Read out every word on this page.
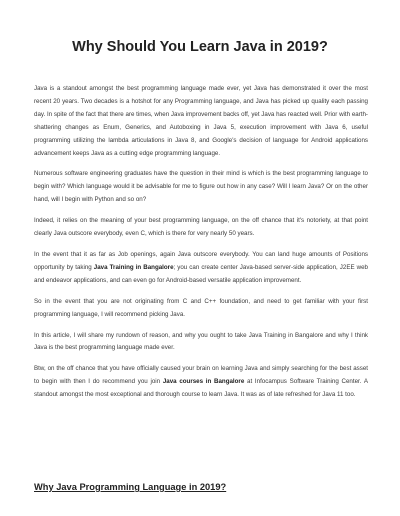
Why Should You Learn Java in 2019?

Java is a standout amongst the best programming language made ever, yet Java has demonstrated it over the most recent 20 years. Two decades is a hotshot for any Programming language, and Java has picked up quality each passing day. In spite of the fact that there are times, when Java improvement backs off, yet Java has reacted well. Prior with earth-shattering changes as Enum, Generics, and Autoboxing in Java 5, execution improvement with Java 6, useful programming utilizing the lambda articulations in Java 8, and Google's decision of language for Android applications advancement keeps Java as a cutting edge programming language.

Numerous software engineering graduates have the question in their mind is which is the best programming language to begin with? Which language would it be advisable for me to figure out how in any case? Will I learn Java? Or on the other hand, will I begin with Python and so on?

Indeed, it relies on the meaning of your best programming language, on the off chance that it's notoriety, at that point clearly Java outscore everybody, even C, which is there for very nearly 50 years.

In the event that it as far as Job openings, again Java outscore everybody. You can land huge amounts of Positions opportunity by taking Java Training in Bangalore; you can create center Java-based server-side application, J2EE web and endeavor applications, and can even go for Android-based versatile application improvement.

So in the event that you are not originating from C and C++ foundation, and need to get familiar with your first programming language, I will recommend picking Java.

In this article, I will share my rundown of reason, and why you ought to take Java Training in Bangalore and why I think Java is the best programming language made ever.

Btw, on the off chance that you have officially caused your brain on learning Java and simply searching for the best asset to begin with then I do recommend you join Java courses in Bangalore at Infocampus Software Training Center. A standout amongst the most exceptional and thorough course to learn Java. It was as of late refreshed for Java 11 too.

Why Java Programming Language in 2019?
